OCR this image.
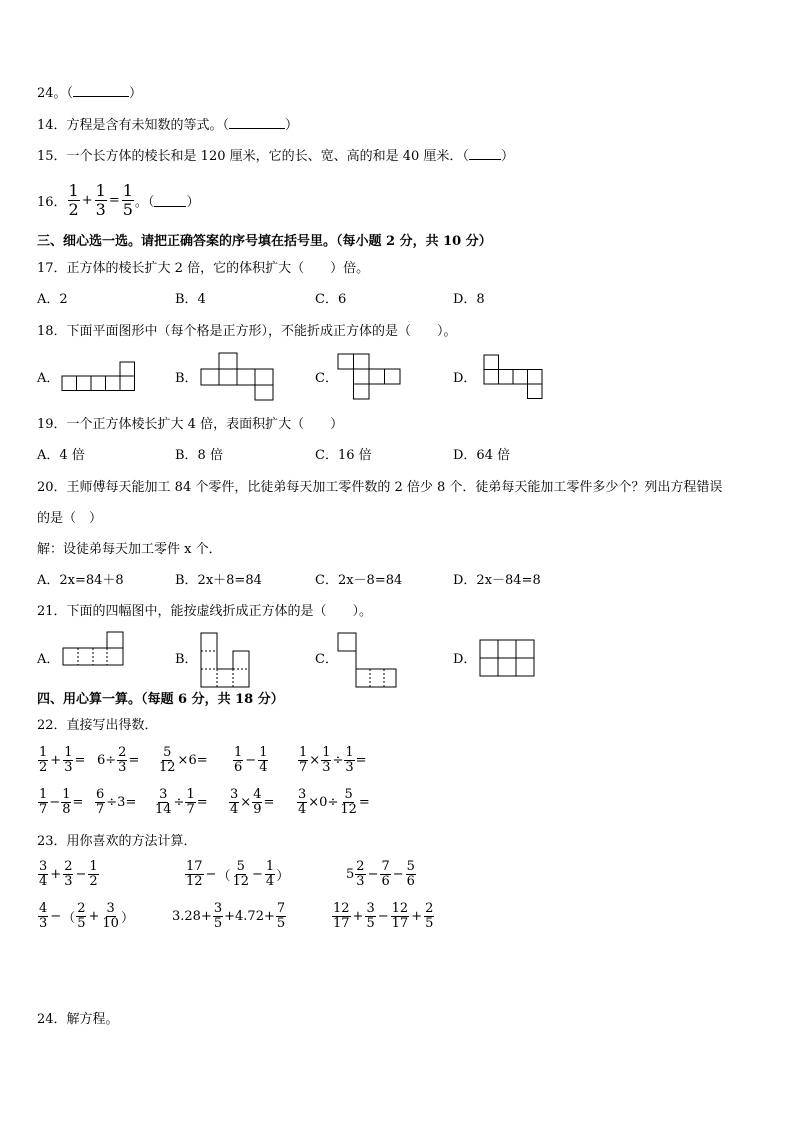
24。（	）
14．方程是含有未知数的等式。（	）
15．一个长方体的棱长和是 120 厘米，它的长、宽、高的和是 40 厘米．（ ）
16． $\frac{1}{2} + \frac{1}{3} = \frac{1}{5}$ 。（ ）
三、细心选一选。请把正确答案的序号填在括号里。（每小题 2 分，共 10 分）
17．正方体的棱长扩大 2 倍，它的体积扩大（　　）倍。
A．2	B．4	C．6	D．8
18．下面平面图形中（每个格是正方形），不能折成正方体的是（　　）。
A．	B．	C．	D．
19．一个正方体棱长扩大 4 倍，表面积扩大（　　）
A．4 倍	B．8 倍	C．16 倍	D．64 倍
20．王师傅每天能加工 84 个零件，比徒弟每天加工零件数的 2 倍少 8 个．徒弟每天能加工零件多少个？列出方程错误
的是（　）
解：设徒弟每天加工零件 x 个．
A．2x=84＋8	B．2x＋8=84	C．2x－8=84	D．2x－84=8
21．下面的四幅图中，能按虚线折成正方体的是（　　）。
A．	B．	C．	D．
四、用心算一算。（每题 6 分，共 18 分）
22．直接写出得数．
$\frac{1}{2} + \frac{1}{3} = 6\div \frac{2}{3} = \frac{5}{12} \times 6= \frac{1}{6} - \frac{1}{4} \frac{1}{7} \times \frac{1}{3} \div \frac{1}{3}$ =
$\frac{1}{7} - \frac{1}{8} = \frac{6}{7} \div 3= \frac{3}{14} \div \frac{1}{7} = \frac{3}{4} \times \frac{4}{9} = \frac{3}{4} \times 0\div \frac{5}{12}$ =
23．用你喜欢的方法计算．
$\frac{3}{4} + \frac{2}{3} - \frac{1}{2}$	$\frac{17}{12}$ − （ $\frac{5}{12} - \frac{1}{4}$ ）	$5 \frac{2}{3} - \frac{7}{6} - \frac{5}{6}$
$\frac{4}{3}$ − （ $\frac{2}{5} + \frac{3}{10}$ ）	$3.28+ \frac{3}{5} +4.72+ \frac{7}{5}$	$\frac{12}{17} + \frac{3}{5} - \frac{12}{17} + \frac{2}{5}$
24．解方程。
